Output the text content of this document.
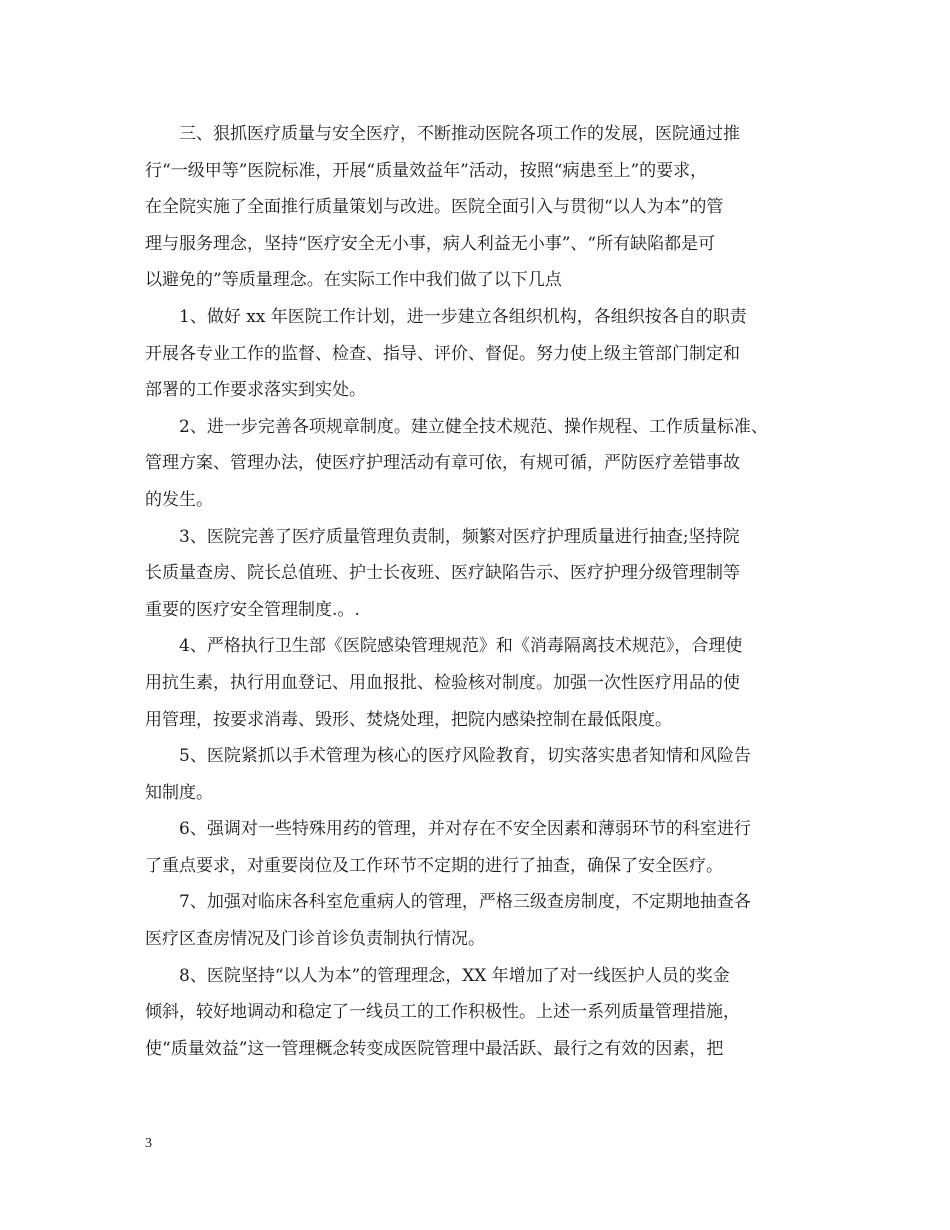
三、狠抓医疗质量与安全医疗，不断推动医院各项工作的发展，医院通过推
行“一级甲等”医院标准，开展“质量效益年”活动，按照“病患至上”的要求，
在全院实施了全面推行质量策划与改进。医院全面引入与贯彻“以人为本”的管
理与服务理念，坚持“医疗安全无小事，病人利益无小事”、“所有缺陷都是可
以避免的”等质量理念。在实际工作中我们做了以下几点

1、做好 xx 年医院工作计划，进一步建立各组织机构，各组织按各自的职责
开展各专业工作的监督、检查、指导、评价、督促。努力使上级主管部门制定和
部署的工作要求落实到实处。

2、进一步完善各项规章制度。建立健全技术规范、操作规程、工作质量标准、
管理方案、管理办法，使医疗护理活动有章可依，有规可循，严防医疗差错事故
的发生。

3、医院完善了医疗质量管理负责制，频繁对医疗护理质量进行抽查;坚持院
长质量查房、院长总值班、护士长夜班、医疗缺陷告示、医疗护理分级管理制等
重要的医疗安全管理制度.。.

4、严格执行卫生部《医院感染管理规范》和《消毒隔离技术规范》，合理使
用抗生素，执行用血登记、用血报批、检验核对制度。加强一次性医疗用品的使
用管理，按要求消毒、毁形、焚烧处理，把院内感染控制在最低限度。

5、医院紧抓以手术管理为核心的医疗风险教育，切实落实患者知情和风险告
知制度。

6、强调对一些特殊用药的管理，并对存在不安全因素和薄弱环节的科室进行
了重点要求，对重要岗位及工作环节不定期的进行了抽查，确保了安全医疗。

7、加强对临床各科室危重病人的管理，严格三级查房制度，不定期地抽查各
医疗区查房情况及门诊首诊负责制执行情况。

8、医院坚持“以人为本”的管理理念，XX 年增加了对一线医护人员的奖金
倾斜，较好地调动和稳定了一线员工的工作积极性。上述一系列质量管理措施，
使“质量效益”这一管理概念转变成医院管理中最活跃、最行之有效的因素，把

3
